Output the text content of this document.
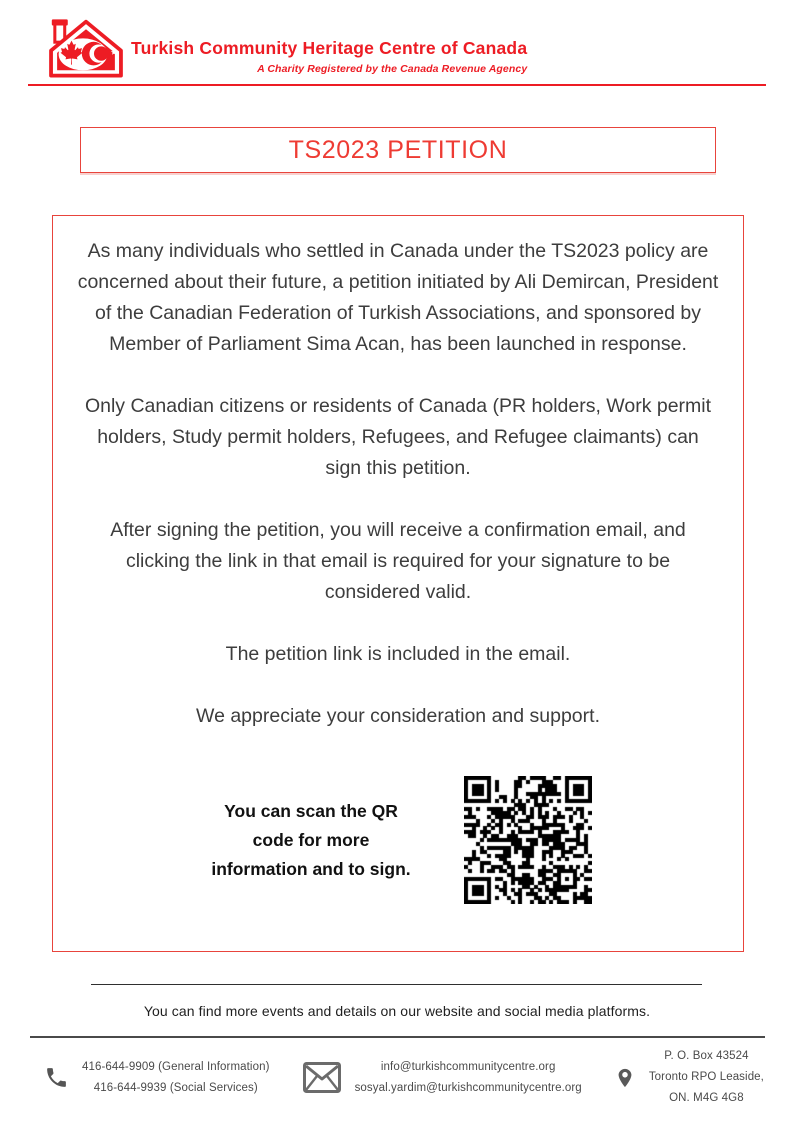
Turkish Community Heritage Centre of Canada
A Charity Registered by the Canada Revenue Agency
TS2023 PETITION

As many individuals who settled in Canada under the TS2023 policy are concerned about their future, a petition initiated by Ali Demircan, President of the Canadian Federation of Turkish Associations, and sponsored by Member of Parliament Sima Acan, has been launched in response.

Only Canadian citizens or residents of Canada (PR holders, Work permit holders, Study permit holders, Refugees, and Refugee claimants) can sign this petition.

After signing the petition, you will receive a confirmation email, and clicking the link in that email is required for your signature to be considered valid.

The petition link is included in the email.

We appreciate your consideration and support.

You can scan the QR code for more information and to sign.
You can find more events and details on our website and social media platforms.
416-644-9909 (General Information)
416-644-9939 (Social Services)
info@turkishcommunitycentre.org
sosyal.yardim@turkishcommunitycentre.org
P. O. Box 43524
Toronto RPO Leaside,
ON. M4G 4G8
